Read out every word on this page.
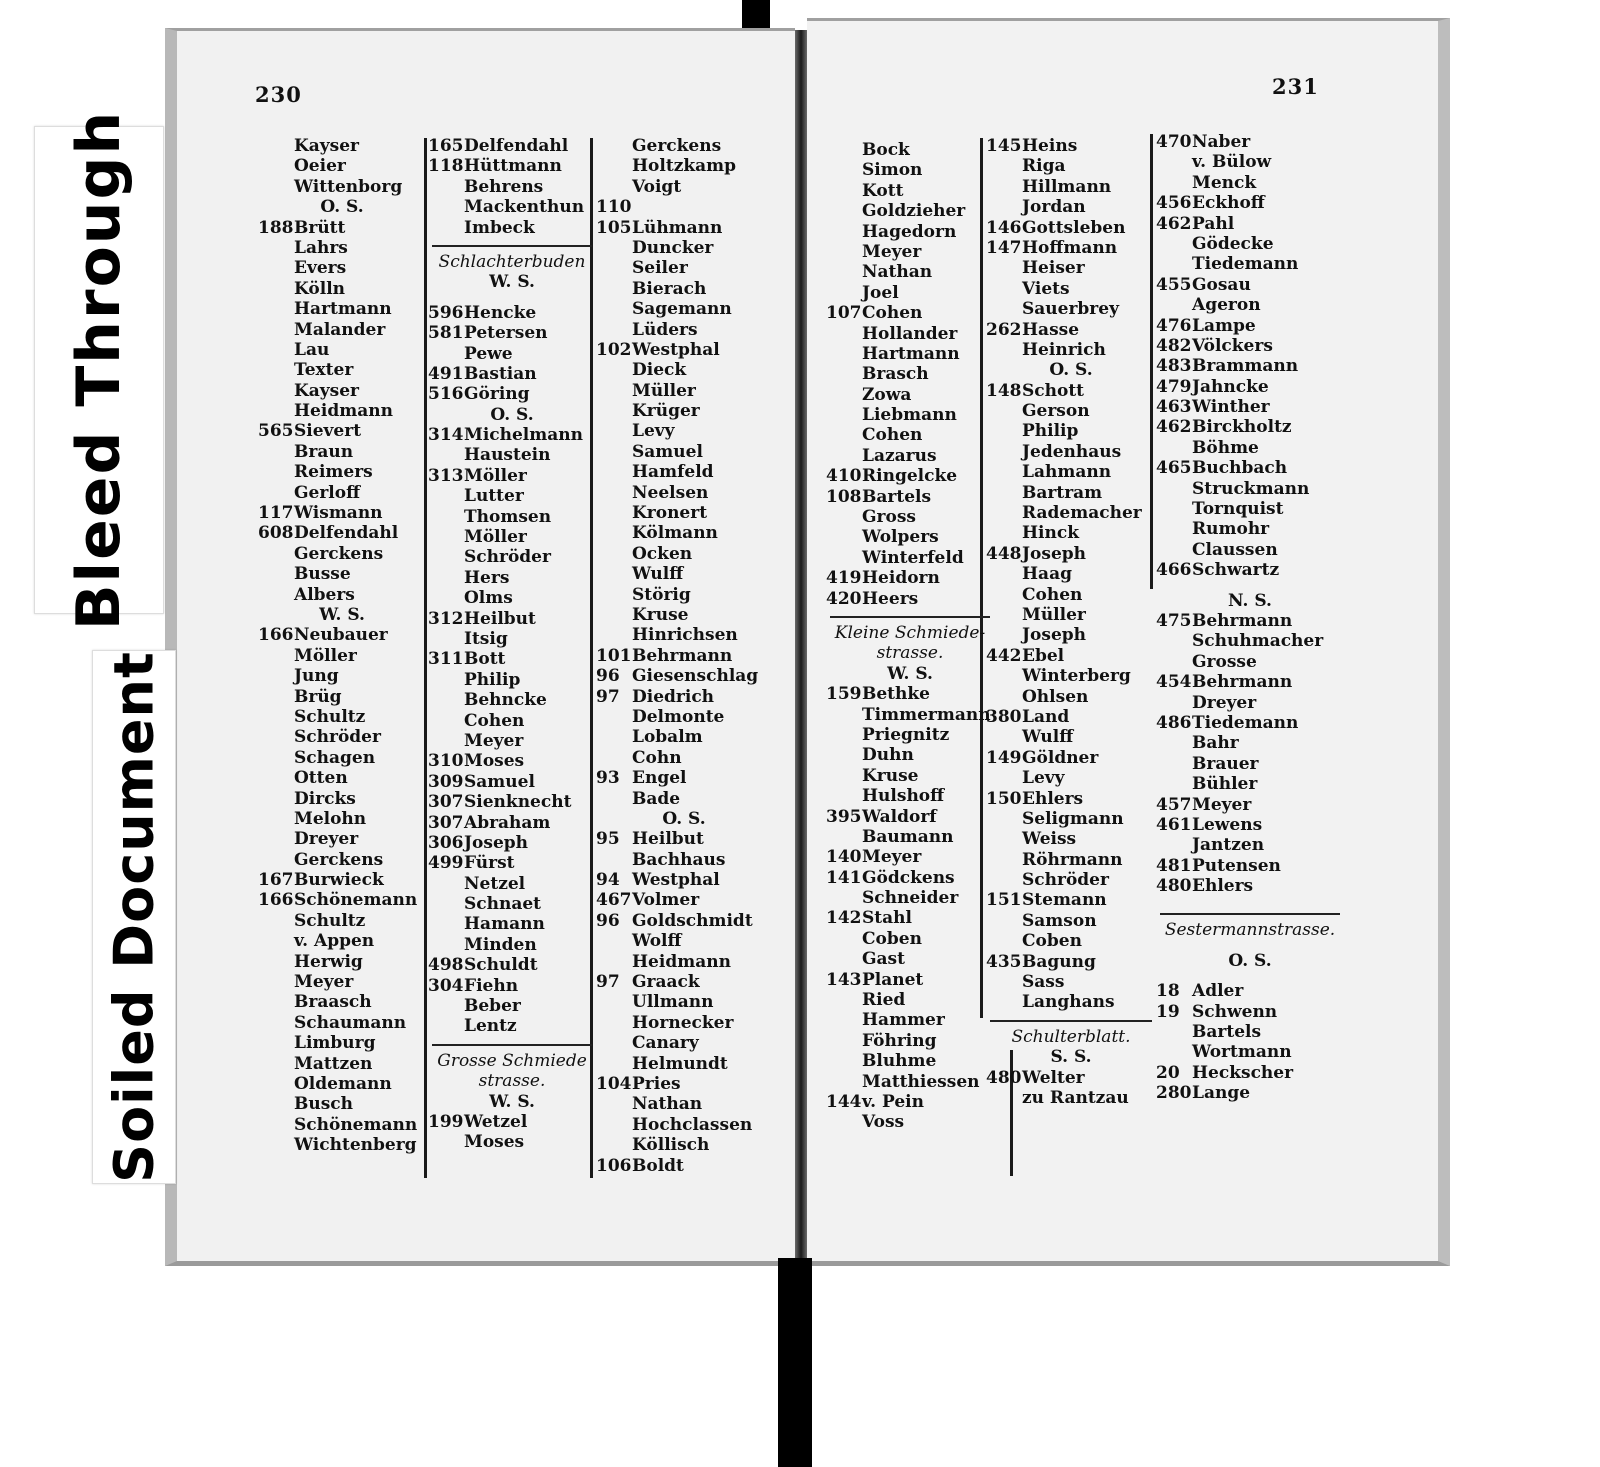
230	231
Kayser
Oeier
Wittenborg
O. S.
188 Brütt
Lahrs
Evers
Kölln
Hartmann
Malander
Lau
Texter
Kayser
Heidmann
565 Sievert
Braun
Reimers
Gerloff
117 Wismann
608 Delfendahl
Gerckens
Busse
Albers
W. S.
166 Neubauer
Möller
Jung
Brüg
Schultz
Schröder
Schagen
Otten
Dircks
Melohn
Dreyer
Gerckens
167 Burwieck
166 Schönemann
Schultz
v. Appen
Herwig
Meyer
Braasch
Schaumann
Limburg
Mattzen
Oldemann
Busch
Schönemann
Wichtenberg
165 Delfendahl
118 Hüttmann
Behrens
Mackenthun
Imbeck
Schlachterbuden
W. S.
596 Hencke
581 Petersen
Pewe
491 Bastian
516 Göring
O. S.
314 Michelmann
Haustein
313 Möller
Lutter
Thomsen
Möller
Schröder
Hers
Olms
312 Heilbut
Itsig
311 Bott
Philip
Behncke
Cohen
Meyer
310 Moses
309 Samuel
307 Sienknecht
307 Abraham
306 Joseph
499 Fürst
Netzel
Schnaet
Hamann
Minden
498 Schuldt
304 Fiehn
Beber
Lentz
Grosse Schmiede
strasse.
W. S.
199 Wetzel
Moses
Gerckens
Holtzkamp
Voigt
110
105 Lühmann
Duncker
Seiler
Bierach
Sagemann
Lüders
102 Westphal
Dieck
Müller
Krüger
Levy
Samuel
Hamfeld
Neelsen
Kronert
Kölmann
Ocken
Wulff
Störig
Kruse
Hinrichsen
101 Behrmann
96 Giesenschlag
97 Diedrich
Delmonte
Lobalm
Cohn
93 Engel
Bade
O. S.
95 Heilbut
Bachhaus
94 Westphal
467 Volmer
96 Goldschmidt
Wolff
Heidmann
97 Graack
Ullmann
Hornecker
Canary
Helmundt
104 Pries
Nathan
Hochclassen
Köllisch
106 Boldt
Bock
Simon
Kott
Goldzieher
Hagedorn
Meyer
Nathan
Joel
107 Cohen
Hollander
Hartmann
Brasch
Zowa
Liebmann
Cohen
Lazarus
410 Ringelcke
108 Bartels
Gross
Wolpers
Winterfeld
419 Heidorn
420 Heers
Kleine Schmiede-
strasse.
W. S.
159 Bethke
Timmermann
Priegnitz
Duhn
Kruse
Hulshoff
395 Waldorf
Baumann
140 Meyer
141 Gödckens
Schneider
142 Stahl
Coben
Gast
143 Planet
Ried
Hammer
Föhring
Bluhme
Matthiessen
144 v. Pein
Voss
145 Heins
Riga
Hillmann
Jordan
146 Gottsleben
147 Hoffmann
Heiser
Viets
Sauerbrey
262 Hasse
Heinrich
O. S.
148 Schott
Gerson
Philip
Jedenhaus
Lahmann
Bartram
Rademacher
Hinck
448 Joseph
Haag
Cohen
Müller
Joseph
442 Ebel
Winterberg
Ohlsen
380 Land
Wulff
149 Göldner
Levy
150 Ehlers
Seligmann
Weiss
Röhrmann
Schröder
151 Stemann
Samson
Coben
435 Bagung
Sass
Langhans
Schulterblatt.
S. S.
480 Welter
zu Rantzau
470 Naber
v. Bülow
Menck
456 Eckhoff
462 Pahl
Gödecke
Tiedemann
455 Gosau
Ageron
476 Lampe
482 Völckers
483 Brammann
479 Jahncke
463 Winther
462 Birckholtz
Böhme
465 Buchbach
Struckmann
Tornquist
Rumohr
Claussen
466 Schwartz
N. S.
475 Behrmann
Schuhmacher
Grosse
454 Behrmann
Dreyer
486 Tiedemann
Bahr
Brauer
Bühler
457 Meyer
461 Lewens
Jantzen
481 Putensen
480 Ehlers
Sestermannstrasse.
O. S.
18 Adler
19 Schwenn
Bartels
Wortmann
20 Heckscher
280 Lange
Bleed Through
Soiled Document
